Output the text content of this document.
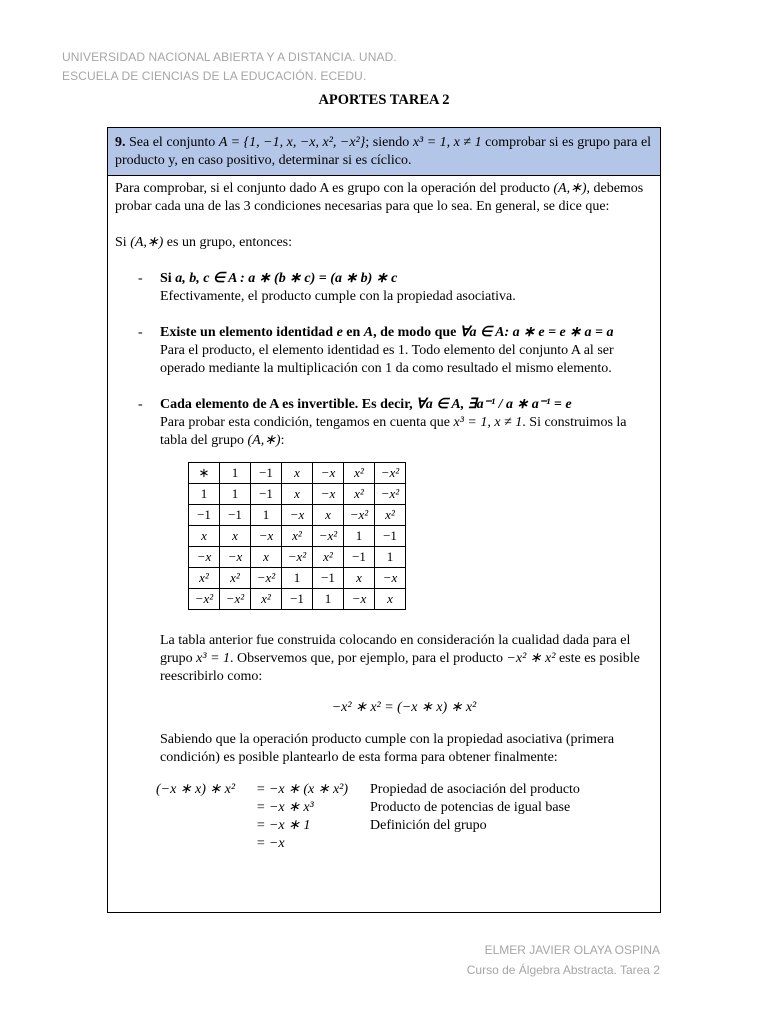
UNIVERSIDAD NACIONAL ABIERTA Y A DISTANCIA. UNAD.
ESCUELA DE CIENCIAS DE LA EDUCACIÓN. ECEDU.
APORTES TAREA 2
9. Sea el conjunto A = {1, −1, x, −x, x², −x²}; siendo x³ = 1, x ≠ 1 comprobar si es grupo para el producto y, en caso positivo, determinar si es cíclico.

Para comprobar, si el conjunto dado A es grupo con la operación del producto (A,∗), debemos probar cada una de las 3 condiciones necesarias para que lo sea. En general, se dice que:

Si (A,∗) es un grupo, entonces:

- Si a, b, c ∈ A : a ∗ (b ∗ c) = (a ∗ b) ∗ c
Efectivamente, el producto cumple con la propiedad asociativa.
- Existe un elemento identidad e en A, de modo que ∀a ∈ A: a ∗ e = e ∗ a = a
Para el producto, el elemento identidad es 1. Todo elemento del conjunto A al ser operado mediante la multiplicación con 1 da como resultado el mismo elemento.
- Cada elemento de A es invertible. Es decir, ∀a ∈ A, ∃a⁻¹ / a ∗ a⁻¹ = e
Para probar esta condición, tengamos en cuenta que x³ = 1, x ≠ 1. Si construimos la tabla del grupo (A,∗):
∗	1	−1	x	−x	x²	−x²
1	1	−1	x	−x	x²	−x²
−1	−1	1	−x	x	−x²	x²
x	x	−x	x²	−x²	1	−1
−x	−x	x	−x²	x²	−1	1
x²	x²	−x²	1	−1	x	−x
−x²	−x²	x²	−1	1	−x	x
La tabla anterior fue construida colocando en consideración la cualidad dada para el grupo x³ = 1. Observemos que, por ejemplo, para el producto −x² ∗ x² este es posible reescribirlo como:
−x² ∗ x² = (−x ∗ x) ∗ x²
Sabiendo que la operación producto cumple con la propiedad asociativa (primera condición) es posible plantearlo de esta forma para obtener finalmente:
(−x ∗ x) ∗ x²	= −x ∗ (x ∗ x²)	Propiedad de asociación del producto
= −x ∗ x³	Producto de potencias de igual base
= −x ∗ 1	Definición del grupo
= −x
ELMER JAVIER OLAYA OSPINA
Curso de Álgebra Abstracta. Tarea 2
